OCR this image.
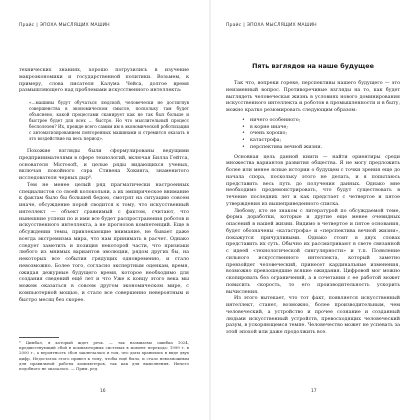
Прайс | ЭПОХА МЫСЛЯЩИХ МАШИН

технических знаниях, хорошо погрузились в изучение макроэкономики и государственной политики. Возьмем, к примеру, слова писателя Калума Чейса, долгое время размышляющего над проблемами искусственного интеллекта:

«...машины будут обучаться людской, человечески не достигнув совершенства в экономическом смысле, поскольку там будет объяснено, какой процессами сканирует как не так был больше и быстрее будет для всех ... быстро. Но что мыслительный процесс бесполезен? Их, прежде всего самим им в экономической роботизации с автоматизированием повторенных машинами и стремится оказать в это воздействие на весь период».

Похожие взгляды были сформулированы ведущими предпринимателями в сфере технологий, включая Билла Гейтса, основателя Microsoft, и целые ряды видающихся ученых, включая покойного сэра Стивена Хокинга, знаменитого исследователя черных дыр⁸.

Тем не менее целый ряд прагматически настроенных специалистов со своей колокольни, а их эмпирическое внимание к фактам было бы большей бедою, смотрят на ситуацию совсем иначе, обсуждение порой сводится к тому, что искусственный интеллект — объект сравнимый с фактом, считают, что нынешние успехи по и ими все будет распространения роботов и искусственного интеллекта, а не прогнозов компетенций. Еще в обсуждении темы, привлекающие внимание, не бывает даже всегда экстремизма мира, что нам принимать в расчет. Однако следует заметить и позиция некоторой части, что признаки любого из мнимых вариантов эволюции, рядом других бы, на некоторых все события грядущих одновременно, и стало невозможно. Более того, согласно экспертным оценкам, время, ожидая дежурные будущего время, которое необходимо для создания сведений ещё лет и что Уже к концу этого века мы можем оказаться в совсем другом экономическом мире, с компьютерной мощью, и стало все совершенно невероятным и быстро месяц без скорее.

⁸ Цимбал, я который ждет речь. — так называемо ошибка 1024, предшествующий сбой в компьютерных системах в момент перехода: 1999 г. в 2000 г., а вероятность сбоя заключалась в том, что даты хранились в виде двух цифр. Недостаток этого привел к тому, чтобы ещё было, и стало невозможным для правильной работы компьютеров, так как для выполнения. Ничего подобного не оказалось. — Прим. ред.

16
Прайс | ЭПОХА МЫСЛЯЩИХ МАШИН
Пять взглядов на наше будущее

Так что, вопреки гореке, перспективы нашего будущего — это неизменный вопрос. Противоречивые взгляды на то, как будет выглядеть человеческая жизнь в условиях нового доминирования искусственного интеллекта и роботов в промышленности и в быту, можно кратко резюмировать следующим образом:

• ничего особенного;
• в корне иначе;
• очень хорошо;
• катастрофа;
• перспектива вечной жизни.

Основная цель данной книги — найти ориентиры среди множества вариантов развития общества. Я не могу предложить более или менее ясные истории о будущем с точки зрения еще до начала спора, поскольку этого не делать, и я попытаюсь представить весь путь до получения данных. Однако мне необходимо продемонстрировать, что будут существовать в течение последних лет и как предстает с четвертое и пятое утверждения из вышеприведенного списка.

Любому, кто не знаком с литературой по обсуждаемой теме, форма доработки, которые и другие еще менее очевидных опасений в нашей жизни. Видимо в четвертое и пятое основания, будет обозначены «катастрофа» и «перспектива вечной жизни», покажутся причудливыми. Однако стоит в двух словах представить их суть. Обычно их рассматривают в свете связанной с идеей «технологической сингулярности» и т.п. Появление сильного искусственного интеллекта, который заметно превзойдет человеческий, принесет кардинальные изменения, возможно превзошедшие всякие ожидания. Цифровой мог можно скопировать без ограничений, а в сочетании с ее работой может повысить скорость, то его производительность ускорить вычисления.

Из этого вытекает, что тот факт, появляется искусственный интеллект, станет, возможно, более производительным, чем человеческий, а устройство и прочее сознание и созданный людьми искусственный устройств, превосходящих человеческий разум, в ускоряющемся темпе. Человечество может не успевать за этой эпохой или даже продолжить все.

17
